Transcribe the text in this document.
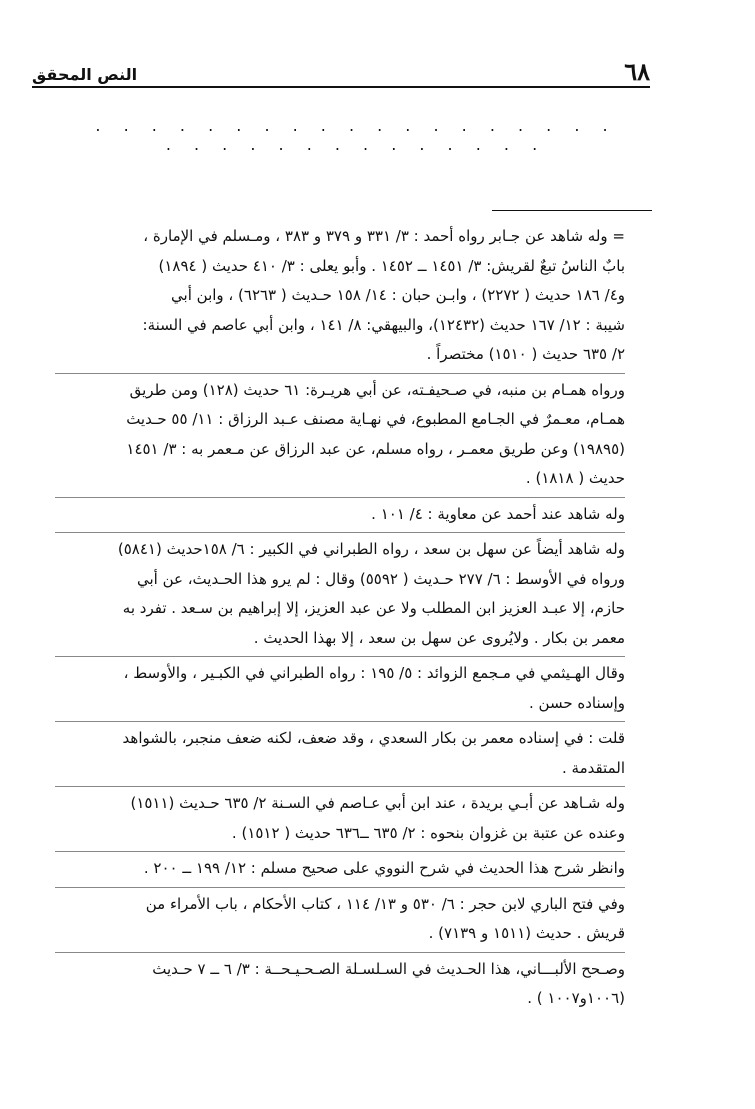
٦٨
النص المحقق
. . . . . . . . . . . . . . . . . . . . . . . . . . . . . . . . .
= وله شاهد عن جـابر رواه أحمد : ٣/ ٣٣١ و ٣٧٩ و ٣٨٣ ، ومـسلم في الإمارة ،
بابٌ الناسُ تبعٌ لقريش: ٣/ ١٤٥١ ــ ١٤٥٢ . وأبو يعلى : ٣/ ٤١٠ حديث ( ١٨٩٤)
و٤/ ١٨٦ حديث ( ٢٢٧٢) ، وابـن حبان : ١٤/ ١٥٨ حـديث ( ٦٢٦٣) ، وابن أبي
شيبة : ١٢/ ١٦٧ حديث (١٢٤٣٢)، والبيهقي: ٨/ ١٤١ ، وابن أبي عاصم في السنة:
٢/ ٦٣٥ حديث ( ١٥١٠) مختصراً .
ورواه همـام بن منبه، في صـحيفـته، عن أبي هريـرة: ٦١ حديث (١٢٨) ومن طريق
همـام، معـمرٌ في الجـامع المطبوع، في نهـاية مصنف عـبد الرزاق : ١١/ ٥٥ حـديث
(١٩٨٩٥) وعن طريق معمـر ، رواه مسلم، عن عبد الرزاق عن مـعمر به : ٣/ ١٤٥١
حديث ( ١٨١٨) .
وله شاهد عند أحمد عن معاوية : ٤/ ١٠١ .
وله شاهد أيضاً عن سهل بن سعد ، رواه الطبراني في الكبير : ٦/ ١٥٨حديث (٥٨٤١)
ورواه في الأوسط : ٦/ ٢٧٧ حـديث ( ٥٥٩٢) وقال : لم يرو هذا الحـديث، عن أبي
حازم، إلا عبـد العزيز ابن المطلب ولا عن عبد العزيز، إلا إبراهيم بن سـعد . تفرد به
معمر بن بكار . ولايُروى عن سهل بن سعد ، إلا بهذا الحديث .
وقال الهـيثمي في مـجمع الزوائد : ٥/ ١٩٥ : رواه الطبراني في الكبـير ، والأوسط ،
وإسناده حسن .
قلت : في إسناده معمر بن بكار السعدي ، وقد ضعف، لكنه ضعف منجبر، بالشواهد
المتقدمة .
وله شـاهد عن أبـي بريدة ، عند ابن أبي عـاصم في السـنة ٢/ ٦٣٥ حـديث (١٥١١)
وعنده عن عتبة بن غزوان بنحوه : ٢/ ٦٣٥ ــ٦٣٦ حديث ( ١٥١٢) .
وانظر شرح هذا الحديث في شرح النووي على صحيح مسلم : ١٢/ ١٩٩ ــ ٢٠٠ .
وفي فتح الباري لابن حجر : ٦/ ٥٣٠ و ١٣/ ١١٤ ، كتاب الأحكام ، باب الأمراء من
قريش . حديث (١٥١١ و ٧١٣٩) .
وصـحح الألبـــاني، هذا الحـديث في السـلسـلة الصـحـيـحــة : ٣/ ٦ ــ ٧ حـديث
(١٠٠٦و١٠٠٧ ) .
